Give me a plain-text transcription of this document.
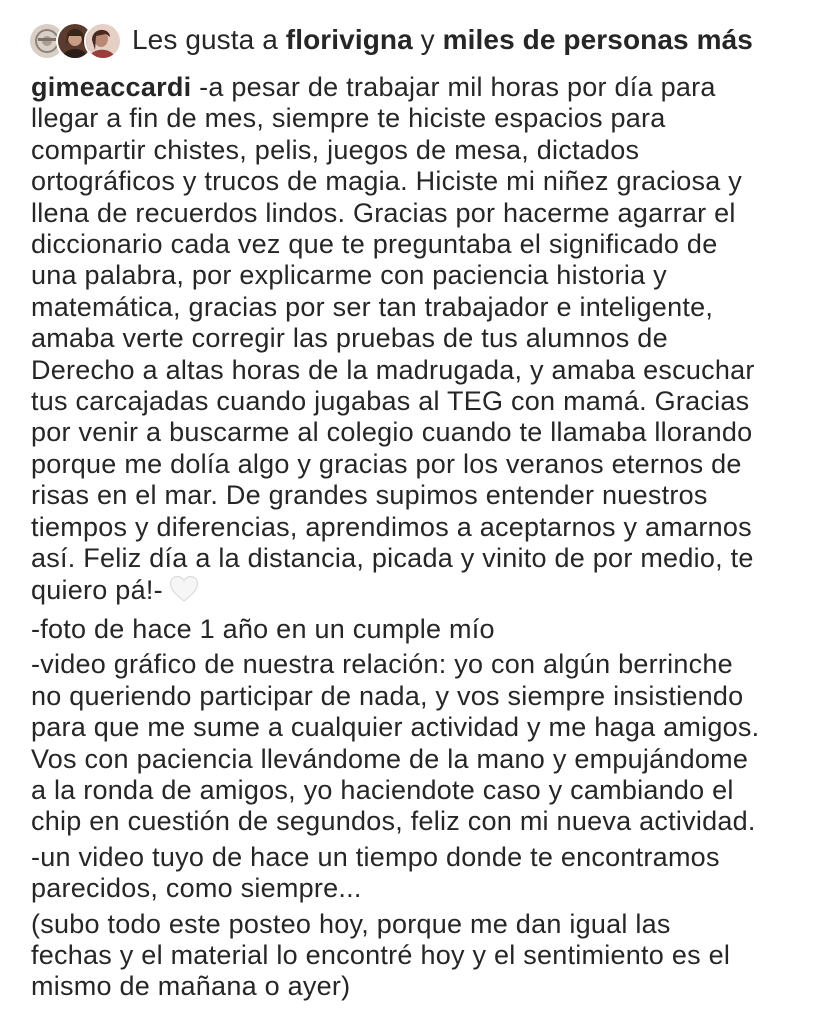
Les gusta a florivigna y miles de personas más

gimeaccardi -a pesar de trabajar mil horas por día para

llegar a fin de mes, siempre te hiciste espacios para

compartir chistes, pelis, juegos de mesa, dictados

ortográficos y trucos de magia. Hiciste mi niñez graciosa y

llena de recuerdos lindos. Gracias por hacerme agarrar el

diccionario cada vez que te preguntaba el significado de

una palabra, por explicarme con paciencia historia y

matemática, gracias por ser tan trabajador e inteligente,

amaba verte corregir las pruebas de tus alumnos de

Derecho a altas horas de la madrugada, y amaba escuchar

tus carcajadas cuando jugabas al TEG con mamá. Gracias

por venir a buscarme al colegio cuando te llamaba llorando

porque me dolía algo y gracias por los veranos eternos de

risas en el mar. De grandes supimos entender nuestros

tiempos y diferencias, aprendimos a aceptarnos y amarnos

así. Feliz día a la distancia, picada y vinito de por medio, te

quiero pá!-

-foto de hace 1 año en un cumple mío

-video gráfico de nuestra relación: yo con algún berrinche

no queriendo participar de nada, y vos siempre insistiendo

para que me sume a cualquier actividad y me haga amigos.

Vos con paciencia llevándome de la mano y empujándome

a la ronda de amigos, yo haciendote caso y cambiando el

chip en cuestión de segundos, feliz con mi nueva actividad.

-un video tuyo de hace un tiempo donde te encontramos

parecidos, como siempre...

(subo todo este posteo hoy, porque me dan igual las

fechas y el material lo encontré hoy y el sentimiento es el

mismo de mañana o ayer)
